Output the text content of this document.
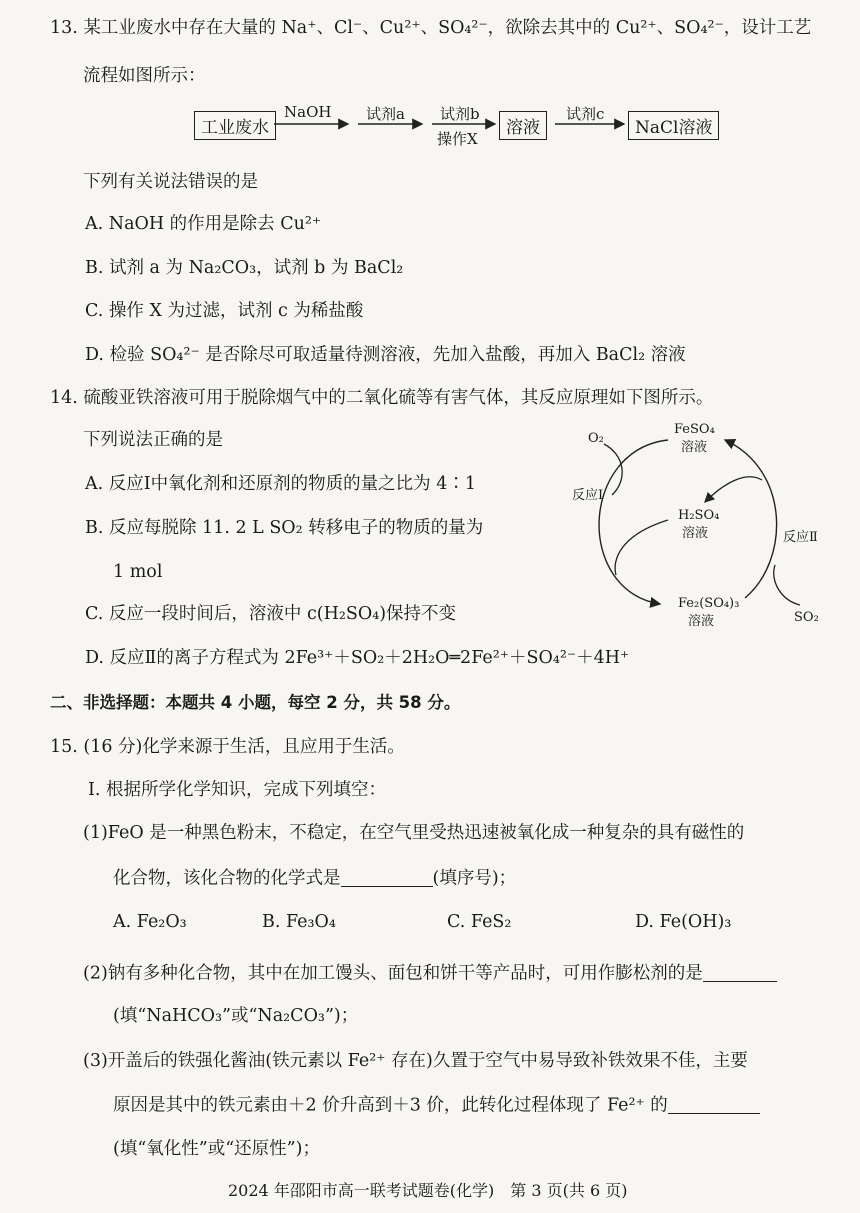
13. 某工业废水中存在大量的 Na⁺、Cl⁻、Cu²⁺、SO₄²⁻，欲除去其中的 Cu²⁺、SO₄²⁻，设计工艺
流程如图所示：
工业废水
NaOH 试剂a 试剂b
操作X
溶液
试剂c
NaCl溶液
下列有关说法错误的是
A. NaOH 的作用是除去 Cu²⁺
B. 试剂 a 为 Na₂CO₃，试剂 b 为 BaCl₂
C. 操作 X 为过滤，试剂 c 为稀盐酸
D. 检验 SO₄²⁻ 是否除尽可取适量待测溶液，先加入盐酸，再加入 BaCl₂ 溶液
14. 硫酸亚铁溶液可用于脱除烟气中的二氧化硫等有害气体，其反应原理如下图所示。
下列说法正确的是
A. 反应Ⅰ中氧化剂和还原剂的物质的量之比为 4∶1
B. 反应每脱除 11. 2 L SO₂ 转移电子的物质的量为
1 mol
C. 反应一段时间后，溶液中 c(H₂SO₄)保持不变
D. 反应Ⅱ的离子方程式为 2Fe³⁺＋SO₂＋2H₂O═2Fe²⁺＋SO₄²⁻＋4H⁺
O₂
FeSO₄
溶液
反应Ⅰ
H₂SO₄
溶液	反应Ⅱ
Fe₂(SO₄)₃
溶液	SO₂
二、非选择题：本题共 4 小题，每空 2 分，共 58 分。
15. (16 分)化学来源于生活，且应用于生活。
Ⅰ. 根据所学化学知识，完成下列填空：
(1)FeO 是一种黑色粉末，不稳定，在空气里受热迅速被氧化成一种复杂的具有磁性的
化合物，该化合物的化学式是	(填序号)；
A. Fe₂O₃	B. Fe₃O₄	C. FeS₂	D. Fe(OH)₃
(2)钠有多种化合物，其中在加工馒头、面包和饼干等产品时，可用作膨松剂的是
(填“NaHCO₃”或“Na₂CO₃”)；
(3)开盖后的铁强化酱油(铁元素以 Fe²⁺ 存在)久置于空气中易导致补铁效果不佳，主要
原因是其中的铁元素由＋2 价升高到＋3 价，此转化过程体现了 Fe²⁺ 的
(填“氧化性”或“还原性”)；
2024 年邵阳市高一联考试题卷(化学)　第 3 页(共 6 页)
